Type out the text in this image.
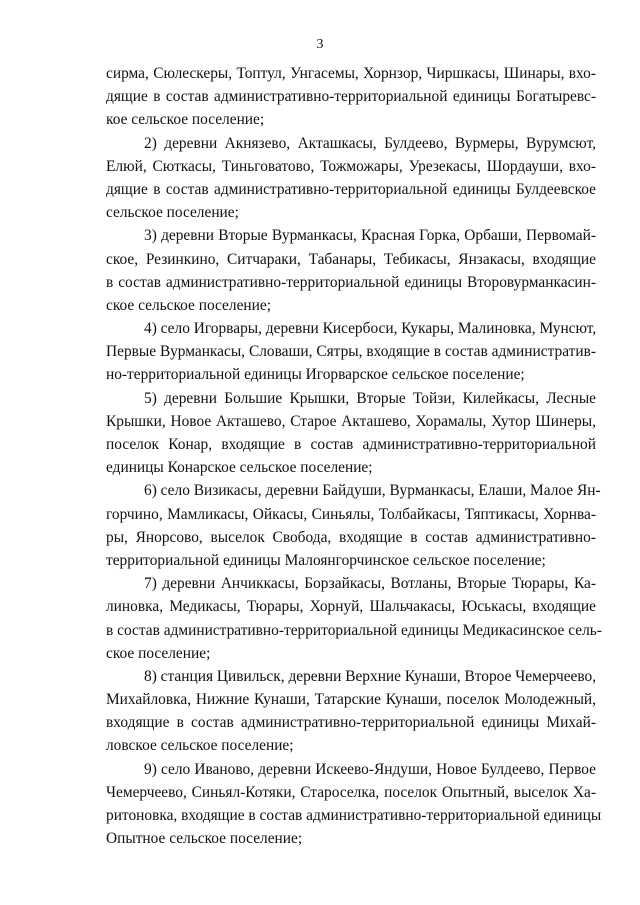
3
сирма, Сюлескеры, Топтул, Унгасемы, Хорнзор, Чиршкасы, Шинары, вхо-
дящие в состав административно-территориальной единицы Богатыревс-
кое сельское поселение;
2) деревни Акнязево, Акташкасы, Булдеево, Вурмеры, Вурумсют,
Елюй, Сюткасы, Тиньговатово, Тожможары, Урезекасы, Шордауши, вхо-
дящие в состав административно-территориальной единицы Булдеевское
сельское поселение;
3) деревни Вторые Вурманкасы, Красная Горка, Орбаши, Первомай-
ское, Резинкино, Ситчараки, Табанары, Тебикасы, Янзакасы, входящие
в состав административно-территориальной единицы Второвурманкасин-
ское сельское поселение;
4) село Игорвары, деревни Кисербоси, Кукары, Малиновка, Мунсют,
Первые Вурманкасы, Словаши, Сятры, входящие в состав административ-
но-территориальной единицы Игорварское сельское поселение;
5) деревни Большие Крышки, Вторые Тойзи, Килейкасы, Лесные
Крышки, Новое Акташево, Старое Акташево, Хорамалы, Хутор Шинеры,
поселок Конар, входящие в состав административно-территориальной
единицы Конарское сельское поселение;
6) село Визикасы, деревни Байдуши, Вурманкасы, Елаши, Малое Ян-
горчино, Мамликасы, Ойкасы, Синьялы, Толбайкасы, Тяптикасы, Хорнва-
ры, Янорсово, выселок Свобода, входящие в состав административно-
территориальной единицы Малоянгорчинское сельское поселение;
7) деревни Анчиккасы, Борзайкасы, Вотланы, Вторые Тюрары, Ка-
линовка, Медикасы, Тюрары, Хорнуй, Шальчакасы, Юськасы, входящие
в состав административно-территориальной единицы Медикасинское сель-
ское поселение;
8) станция Цивильск, деревни Верхние Кунаши, Второе Чемерчеево,
Михайловка, Нижние Кунаши, Татарские Кунаши, поселок Молодежный,
входящие в состав административно-территориальной единицы Михай-
ловское сельское поселение;
9) село Иваново, деревни Искеево-Яндуши, Новое Булдеево, Первое
Чемерчеево, Синьял-Котяки, Староселка, поселок Опытный, выселок Ха-
ритоновка, входящие в состав административно-территориальной единицы
Опытное сельское поселение;
